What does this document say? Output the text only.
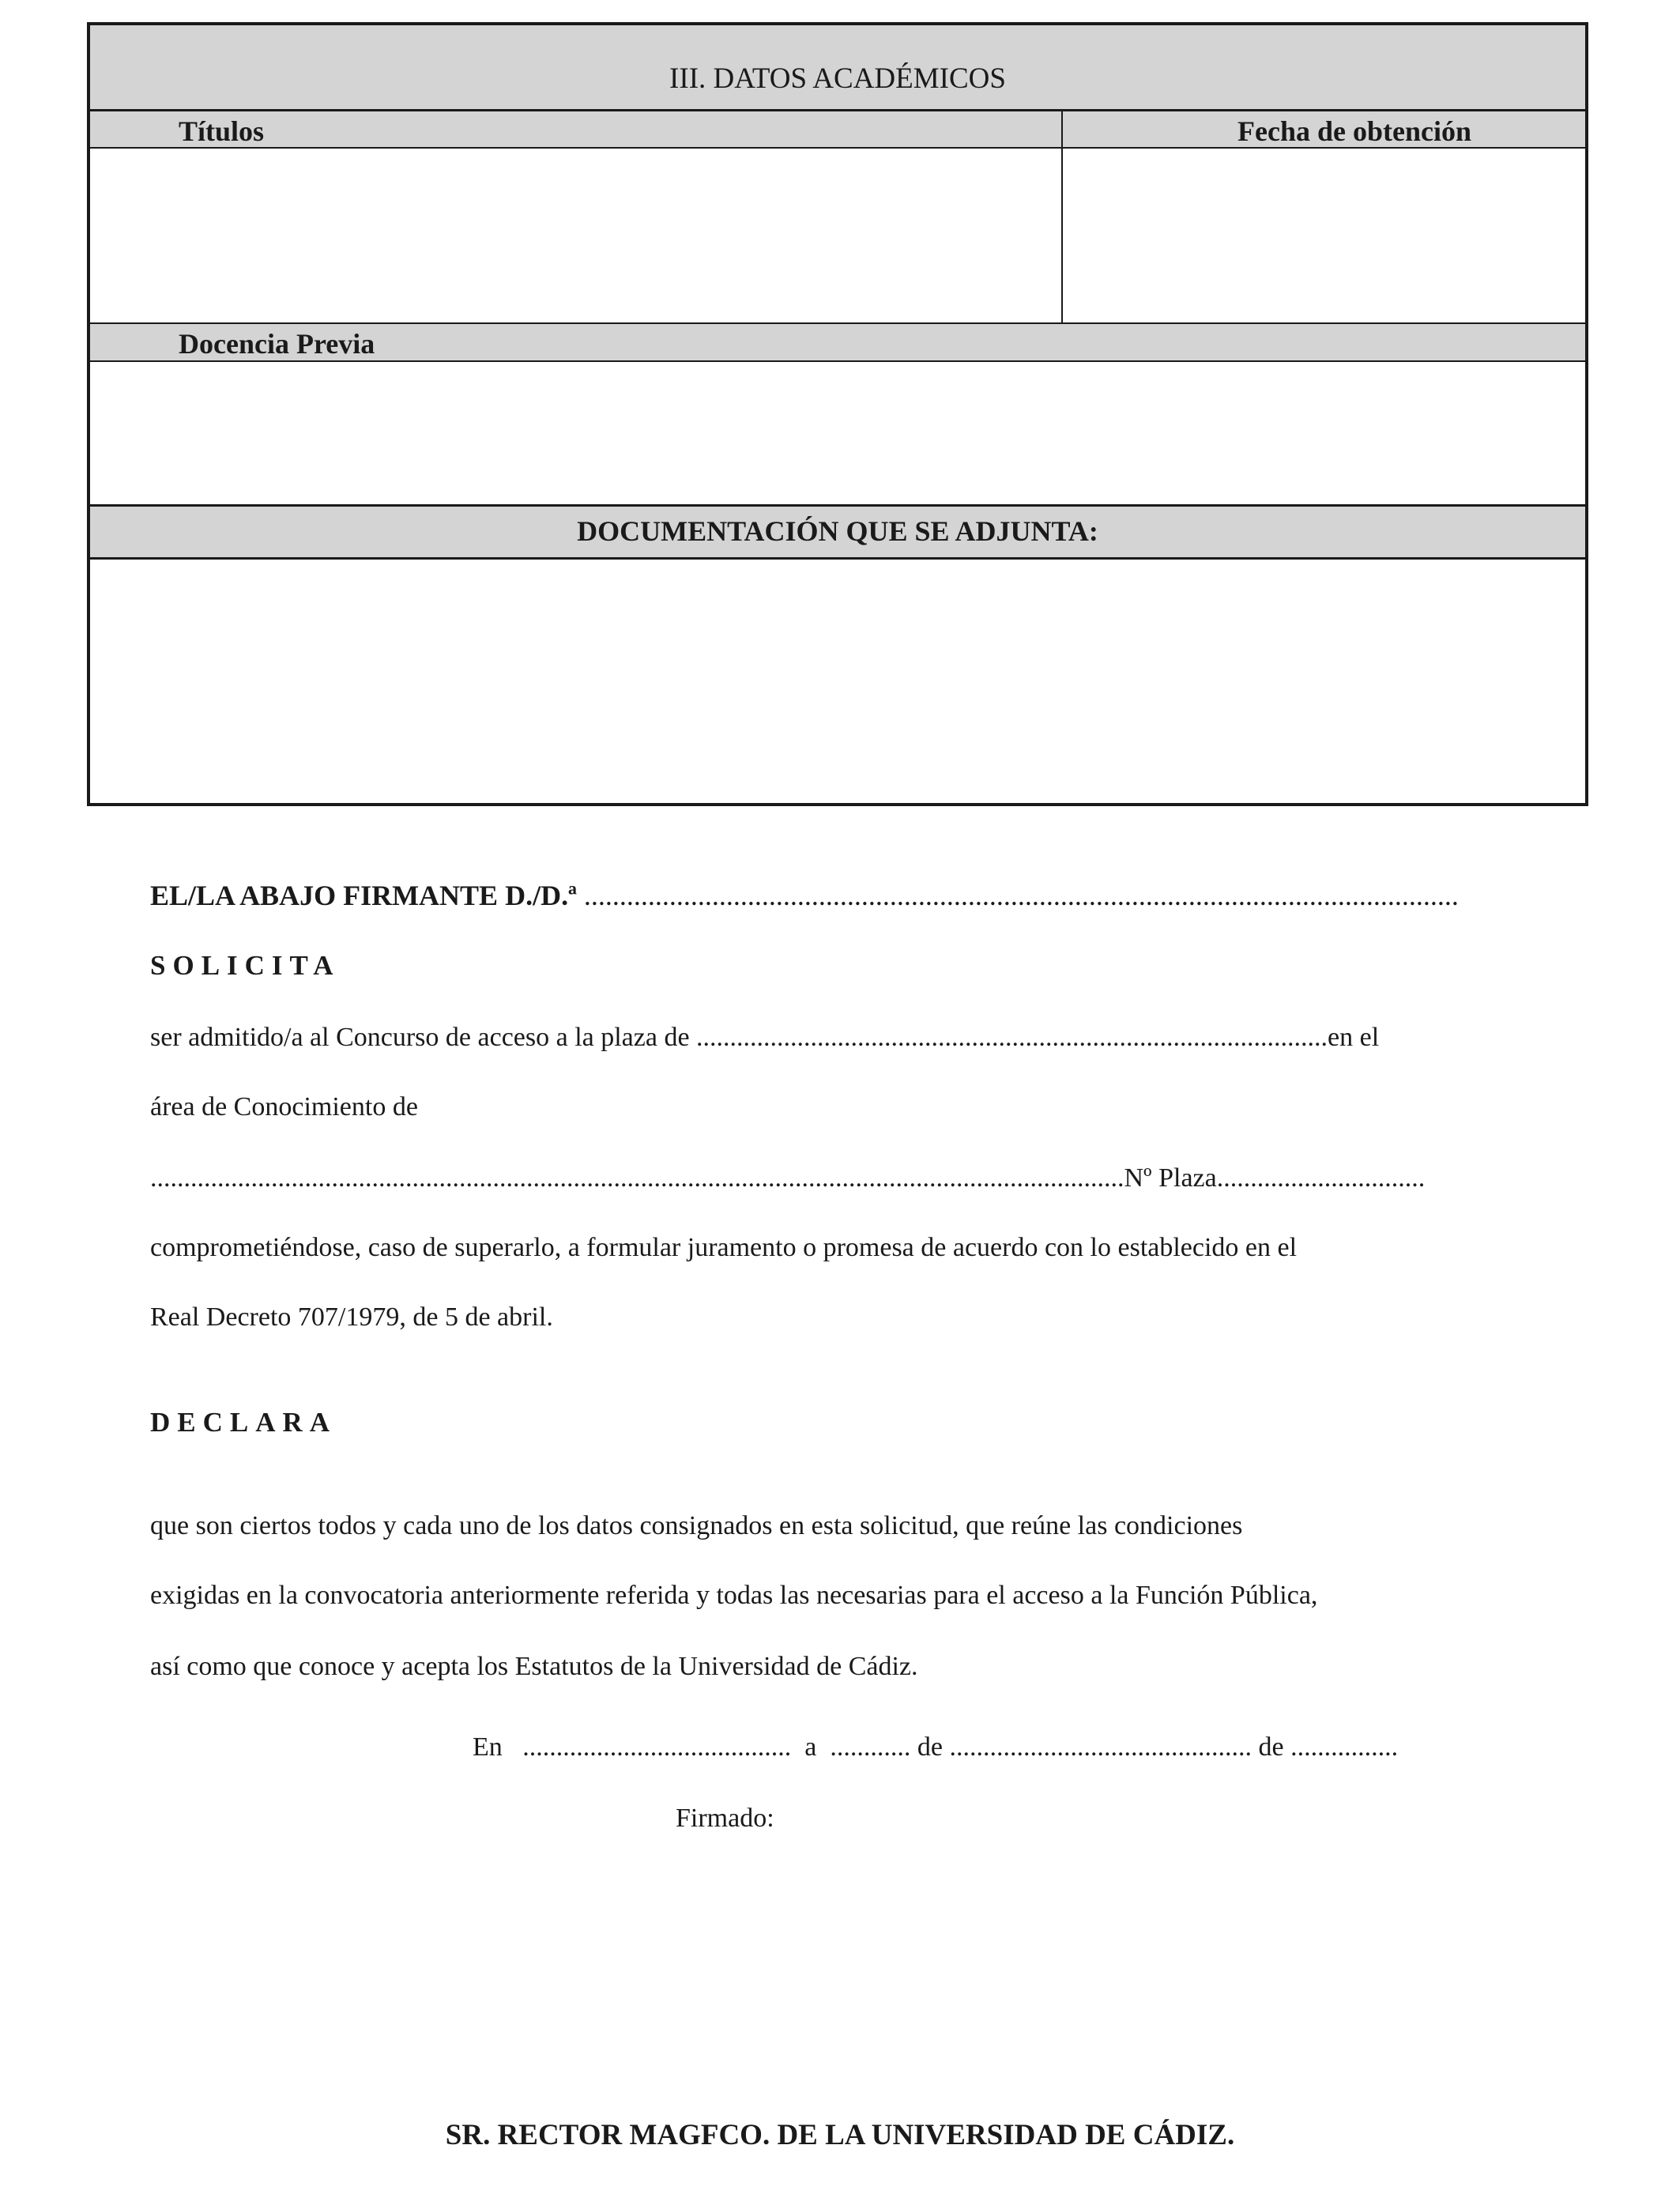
III. DATOS ACADÉMICOS
Títulos	Fecha de obtención
Docencia Previa
DOCUMENTACIÓN QUE SE ADJUNTA:
EL/LA ABAJO FIRMANTE D./D.ª ...........................................................................................................................
SOLICITA
ser admitido/a al Concurso de acceso a la plaza de ..............................................................................................en el
área de Conocimiento de
.................................................................................................................................................Nº Plaza...............................
comprometiéndose, caso de superarlo, a formular juramento o promesa de acuerdo con lo establecido en el
Real Decreto 707/1979, de 5 de abril.
DECLARA
que son ciertos todos y cada uno de los datos consignados en esta solicitud, que reúne las condiciones
exigidas en la convocatoria anteriormente referida y todas las necesarias para el acceso a la Función Pública,
así como que conoce y acepta los Estatutos de la Universidad de Cádiz.
En ........................................ a ............ de ............................................. de ................
Firmado:
SR. RECTOR MAGFCO. DE LA UNIVERSIDAD DE CÁDIZ.
